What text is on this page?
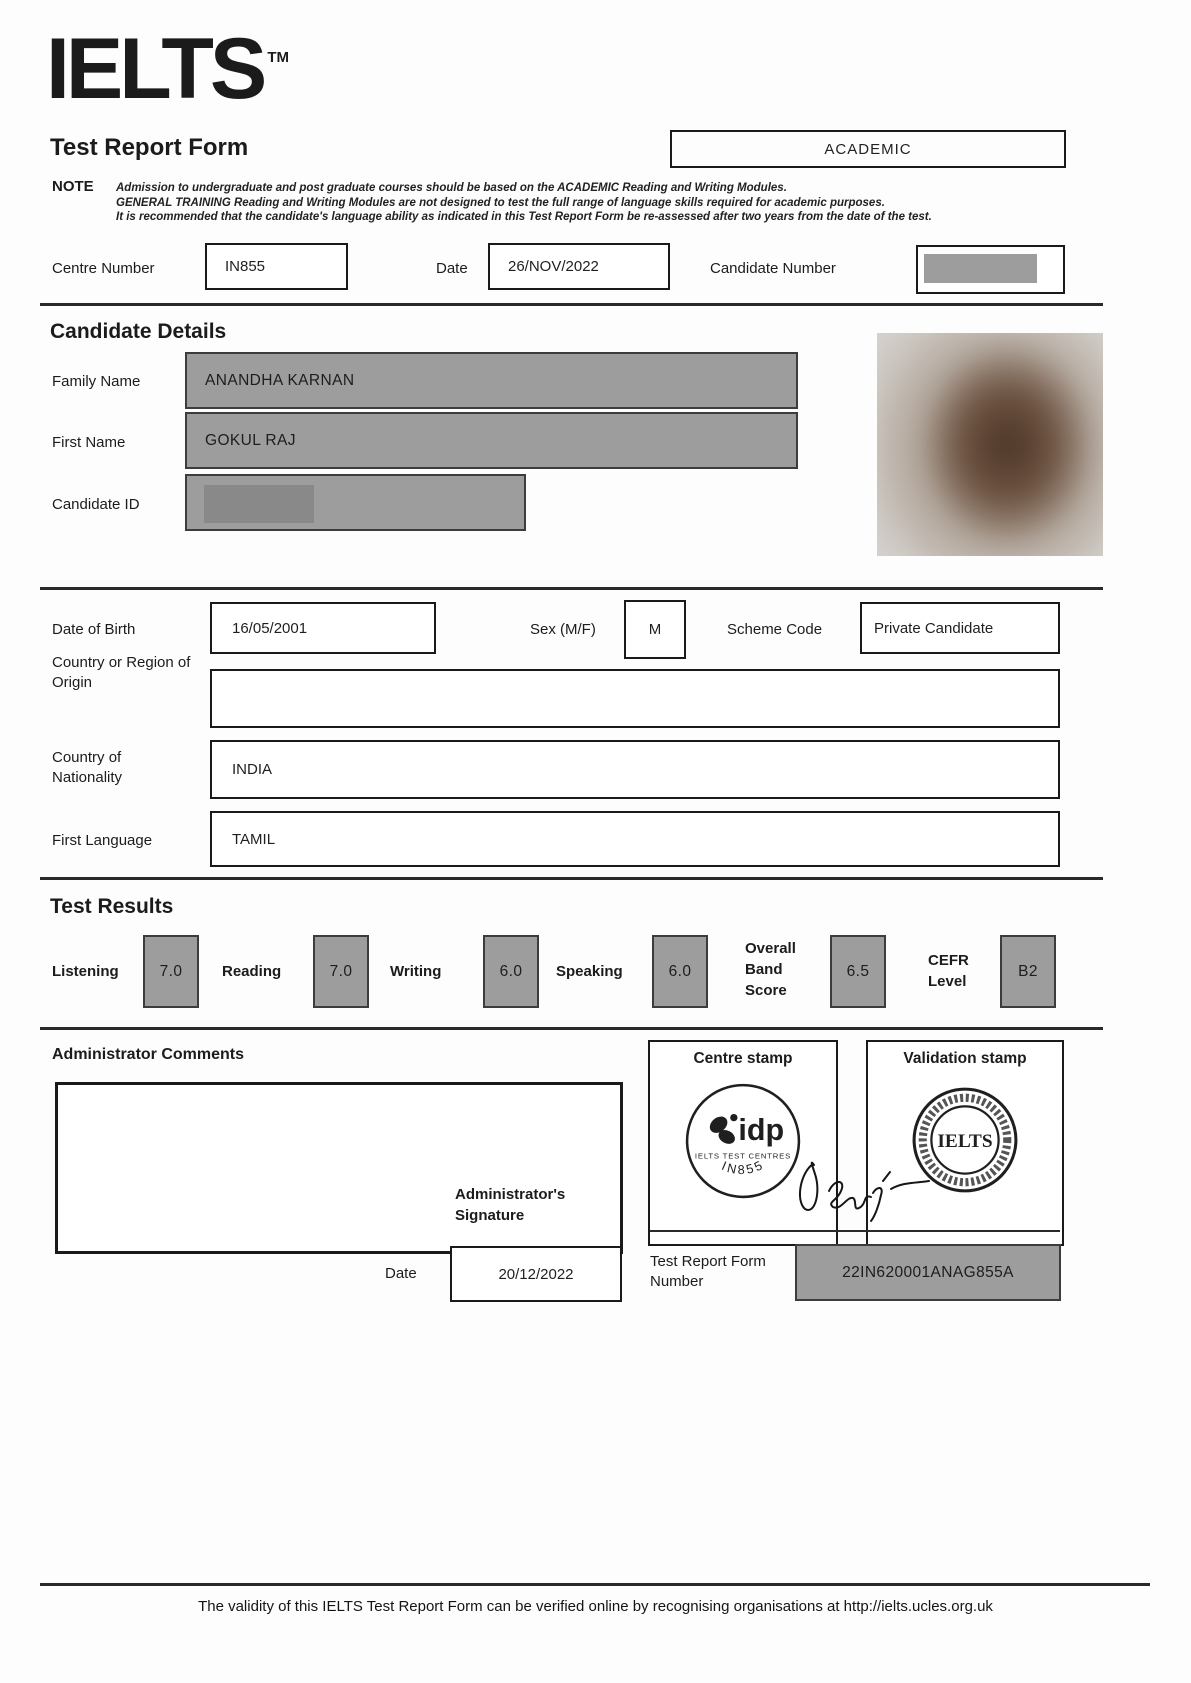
IELTS ™
Test Report Form	ACADEMIC
NOTE Admission to undergraduate and post graduate courses should be based on the ACADEMIC Reading and Writing Modules.
GENERAL TRAINING Reading and Writing Modules are not designed to test the full range of language skills required for academic purposes.
It is recommended that the candidate's language ability as indicated in this Test Report Form be re-assessed after two years from the date of the test.
Centre Number	IN855	Date	26/NOV/2022	Candidate Number
Candidate Details
Family Name	ANANDHA KARNAN
First Name	GOKUL RAJ
Candidate ID
Date of Birth	16/05/2001	Sex (M/F)	M	Scheme Code	Private Candidate
Country or Region of Origin
Country of Nationality	INDIA
First Language	TAMIL
Test Results
Listening	7.0	Reading	7.0	Writing	6.0 Speaking	6.0
Overall Band Score
6.5
CEFR Level
B2
Administrator Comments	Centre stamp
idp
IELTS TEST CENTRES
IN855
Validation stamp
IELTS
Administrator's Signature
Date	20/12/2022
Test Report Form Number
22IN620001ANAG855A
The validity of this IELTS Test Report Form can be verified online by recognising organisations at http://ielts.ucles.org.uk
